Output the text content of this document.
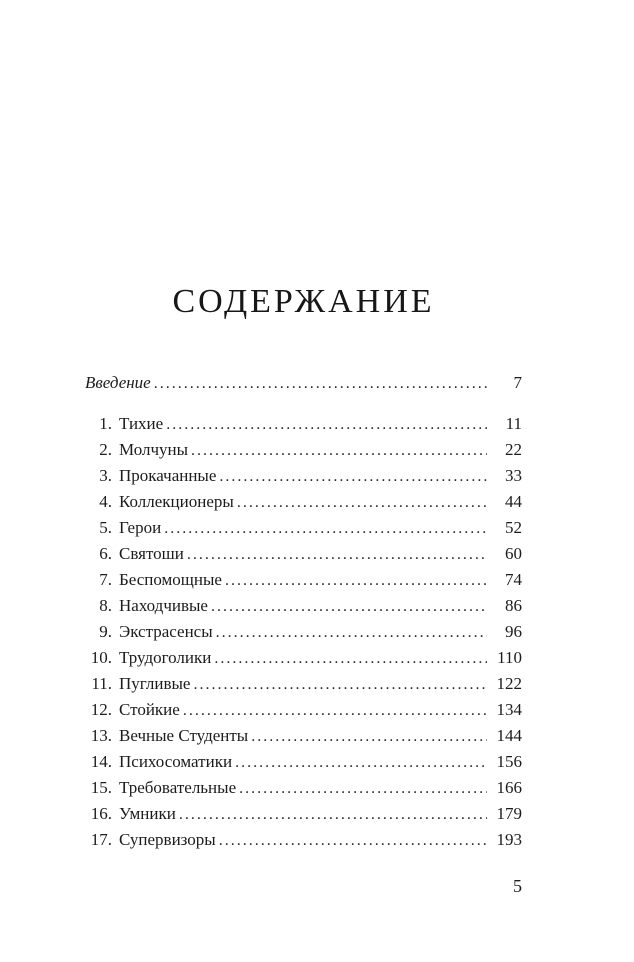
СОДЕРЖАНИЕ
Введение .....	7
1. Тихие .....	11
2. Молчуны .....	22
3. Прокачанные .....	33
4. Коллекционеры .....	44
5. Герои .....	52
6. Святоши .....	60
7. Беспомощные .....	74
8. Находчивые .....	86
9. Экстрасенсы .....	96
10. Трудоголики .....	110
11. Пугливые .....	122
12. Стойкие .....	134
13. Вечные Студенты .....	144
14. Психосоматики .....	156
15. Требовательные .....	166
16. Умники .....	179
17. Супервизоры .....	193
5
